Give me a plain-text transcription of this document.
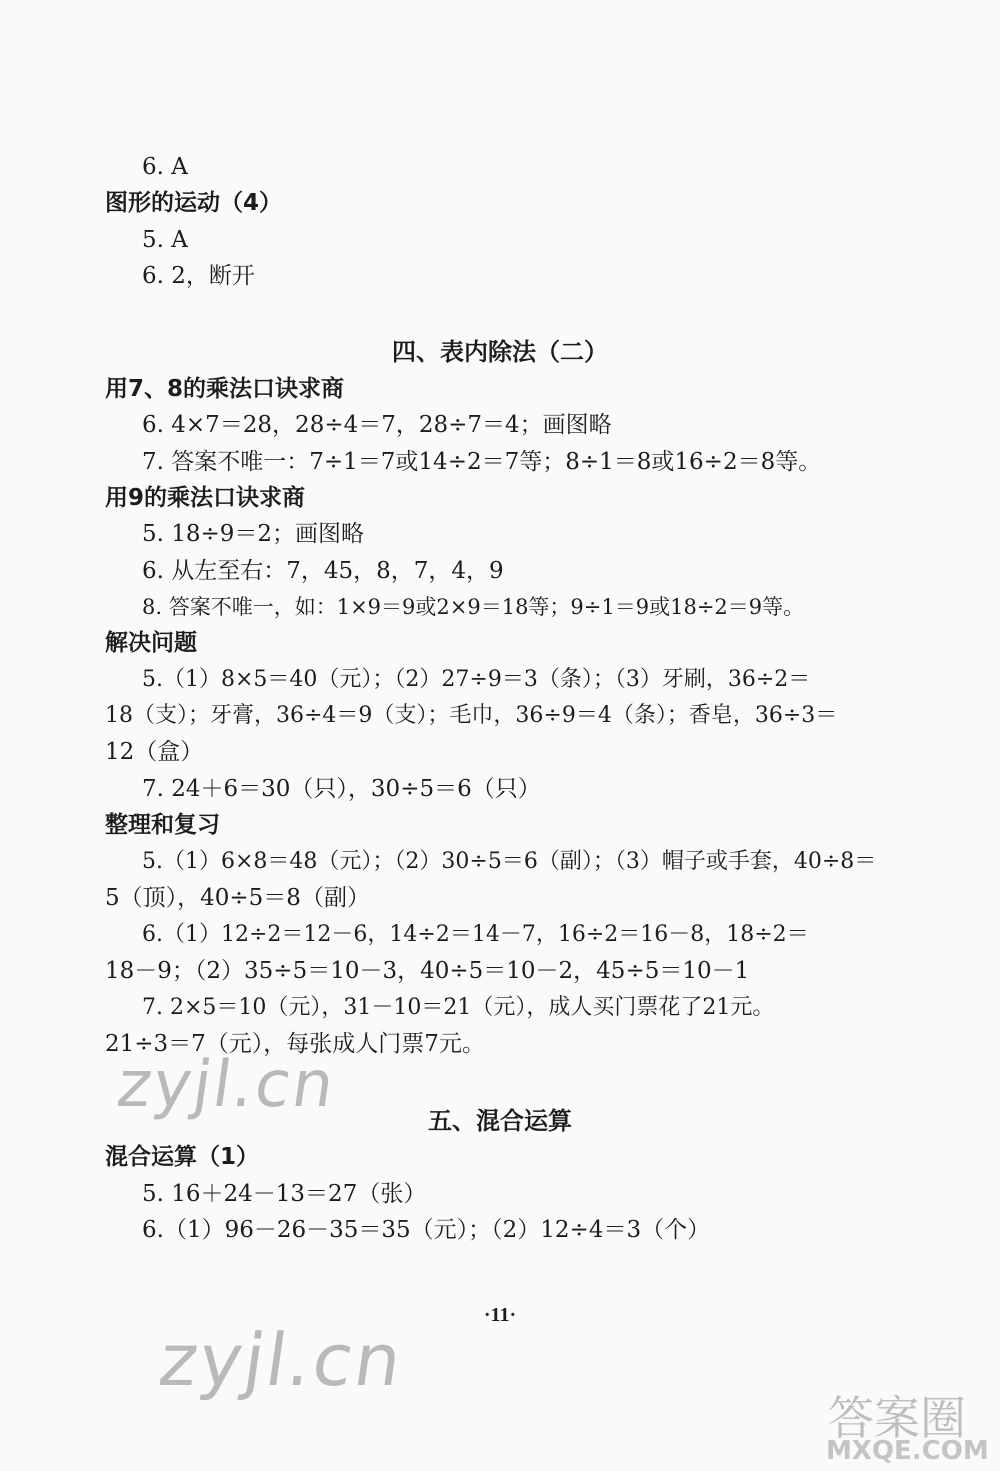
6. A
图形的运动（4）
5. A
6. 2，断开
四、表内除法（二）
用7、8的乘法口诀求商
6. 4×7＝28，28÷4＝7，28÷7＝4；画图略
7. 答案不唯一：7÷1＝7或14÷2＝7等；8÷1＝8或16÷2＝8等。
用9的乘法口诀求商
5. 18÷9＝2；画图略
6. 从左至右：7，45，8，7，4，9
8. 答案不唯一，如：1×9＝9或2×9＝18等；9÷1＝9或18÷2＝9等。
解决问题
5.（1）8×5＝40（元）；（2）27÷9＝3（条）；（3）牙刷，36÷2＝
18（支）；牙膏，36÷4＝9（支）；毛巾，36÷9＝4（条）；香皂，36÷3＝
12（盒）
7. 24＋6＝30（只），30÷5＝6（只）
整理和复习
5.（1）6×8＝48（元）；（2）30÷5＝6（副）；（3）帽子或手套，40÷8＝
5（顶），40÷5＝8（副）
6.（1）12÷2＝12－6，14÷2＝14－7，16÷2＝16－8，18÷2＝
18－9；（2）35÷5＝10－3，40÷5＝10－2，45÷5＝10－1
7. 2×5＝10（元），31－10＝21（元），成人买门票花了21元。
21÷3＝7（元），每张成人门票7元。
五、混合运算
混合运算（1）
5. 16＋24－13＝27（张）
6.（1）96－26－35＝35（元）；（2）12÷4＝3（个）
·11·
zyjl.cn
zyjl.cn
答案圈
MXQE.COM
